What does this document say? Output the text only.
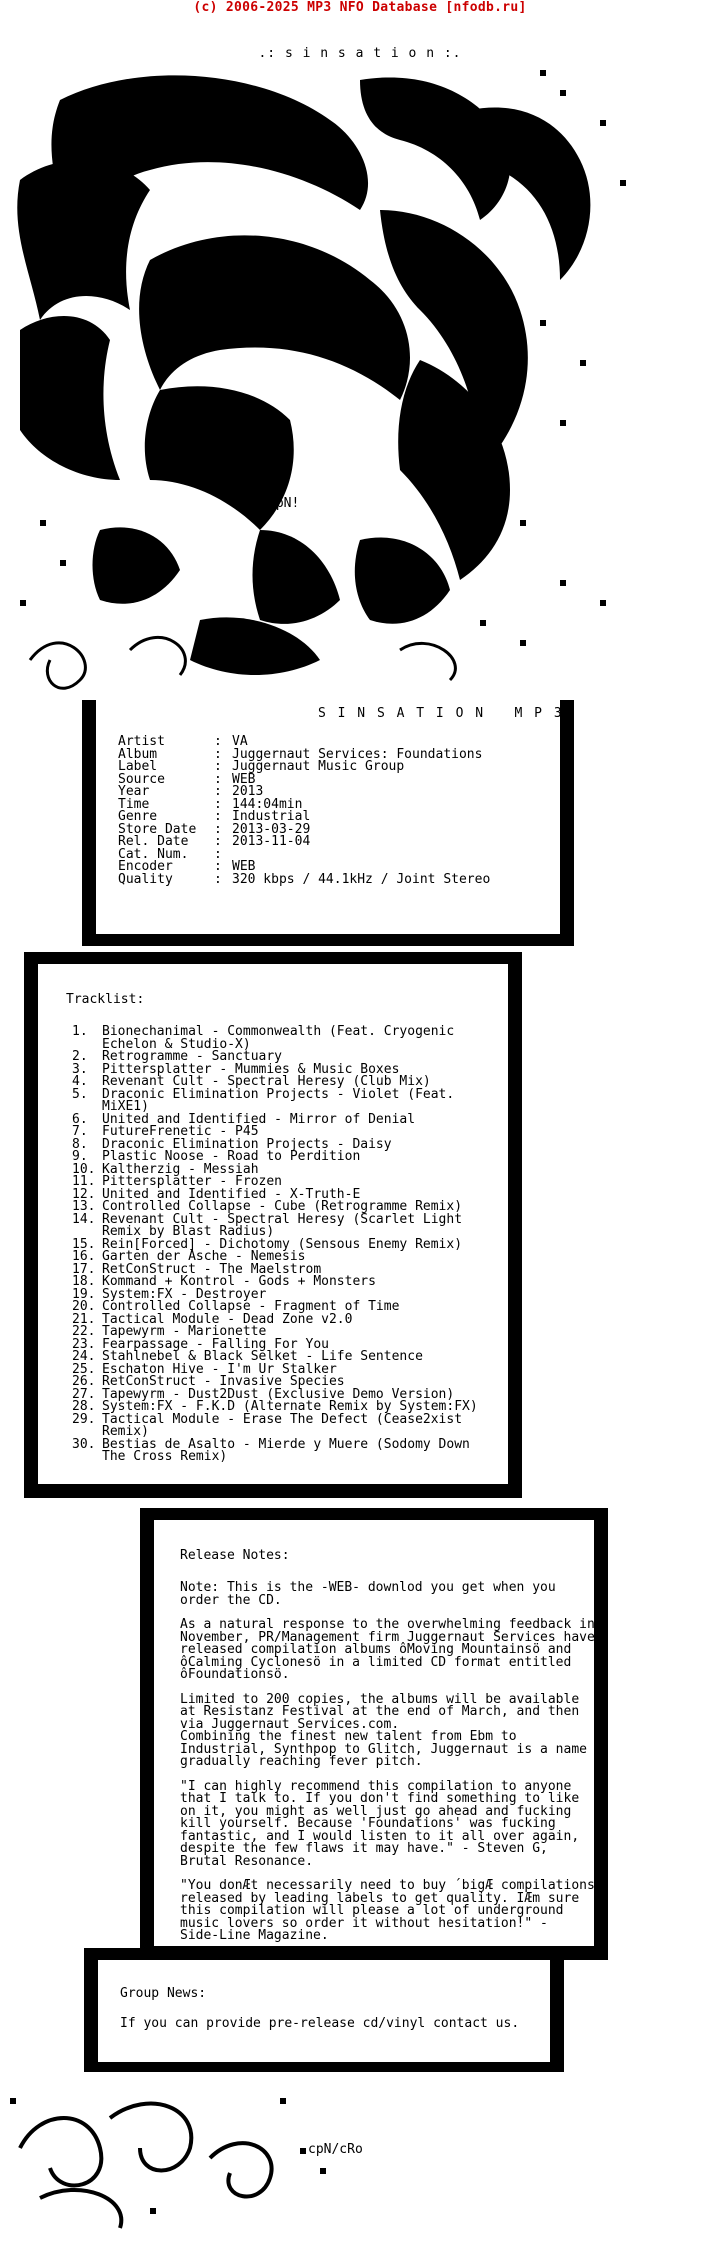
(c) 2006-2025 MP3 NFO Database [nfodb.ru]
.: s i n s a t i o n :.
cpN!
S I N S A T I O N   M P 3
Artist	: VA
Album	: Juggernaut Services: Foundations
Label	: Juggernaut Music Group
Source	: WEB
Year	: 2013
Time	: 144:04min
Genre	: Industrial
Store Date	: 2013-03-29
Rel. Date	: 2013-11-04
Cat. Num.	:
Encoder	: WEB
Quality	: 320 kbps / 44.1kHz / Joint Stereo
Tracklist:
1.	Bionechanimal - Commonwealth (Feat. Cryogenic
Echelon & Studio-X)
2.	Retrogramme - Sanctuary
3.	Pittersplatter - Mummies & Music Boxes
4.	Revenant Cult - Spectral Heresy (Club Mix)
5.	Draconic Elimination Projects - Violet (Feat.
MiXE1)
6.	United and Identified - Mirror of Denial
7.	FutureFrenetic - P45
8.	Draconic Elimination Projects - Daisy
9.	Plastic Noose - Road to Perdition
10. Kaltherzig - Messiah
11. Pittersplatter - Frozen
12. United and Identified - X-Truth-E
13. Controlled Collapse - Cube (Retrogramme Remix)
14. Revenant Cult - Spectral Heresy (Scarlet Light
Remix by Blast Radius)
15. Rein[Forced] - Dichotomy (Sensous Enemy Remix)
16. Garten der Asche - Nemesis
17. RetConStruct - The Maelstrom
18. Kommand + Kontrol - Gods + Monsters
19. System:FX - Destroyer
20. Controlled Collapse - Fragment of Time
21. Tactical Module - Dead Zone v2.0
22. Tapewyrm - Marionette
23. Fearpassage - Falling For You
24. Stahlnebel & Black Selket - Life Sentence
25. Eschaton Hive - I'm Ur Stalker
26. RetConStruct - Invasive Species
27. Tapewyrm - Dust2Dust (Exclusive Demo Version)
28. System:FX - F.K.D (Alternate Remix by System:FX)
29. Tactical Module - Erase The Defect (Cease2xist
Remix)
30. Bestias de Asalto - Mierde y Muere (Sodomy Down
The Cross Remix)
Release Notes:

Note: This is the -WEB- downlod you get when you
order the CD.

As a natural response to the overwhelming feedback in
November, PR/Management firm Juggernaut Services have
released compilation albums ôMoving Mountainsö and
ôCalming Cyclonesö in a limited CD format entitled
ôFoundationsö.

Limited to 200 copies, the albums will be available
at Resistanz Festival at the end of March, and then
via Juggernaut Services.com.
Combining the finest new talent from Ebm to
Industrial, Synthpop to Glitch, Juggernaut is a name
gradually reaching fever pitch.

"I can highly recommend this compilation to anyone
that I talk to. If you don't find something to like
on it, you might as well just go ahead and fucking
kill yourself. Because 'Foundations' was fucking
fantastic, and I would listen to it all over again,
despite the few flaws it may have." - Steven G,
Brutal Resonance.

"You donÆt necessarily need to buy ´bigÆ compilations
released by leading labels to get quality. IÆm sure
this compilation will please a lot of underground
music lovers so order it without hesitation!" -
Side-Line Magazine.

Group News:
If you can provide pre-release cd/vinyl contact us.
cpN/cRo
